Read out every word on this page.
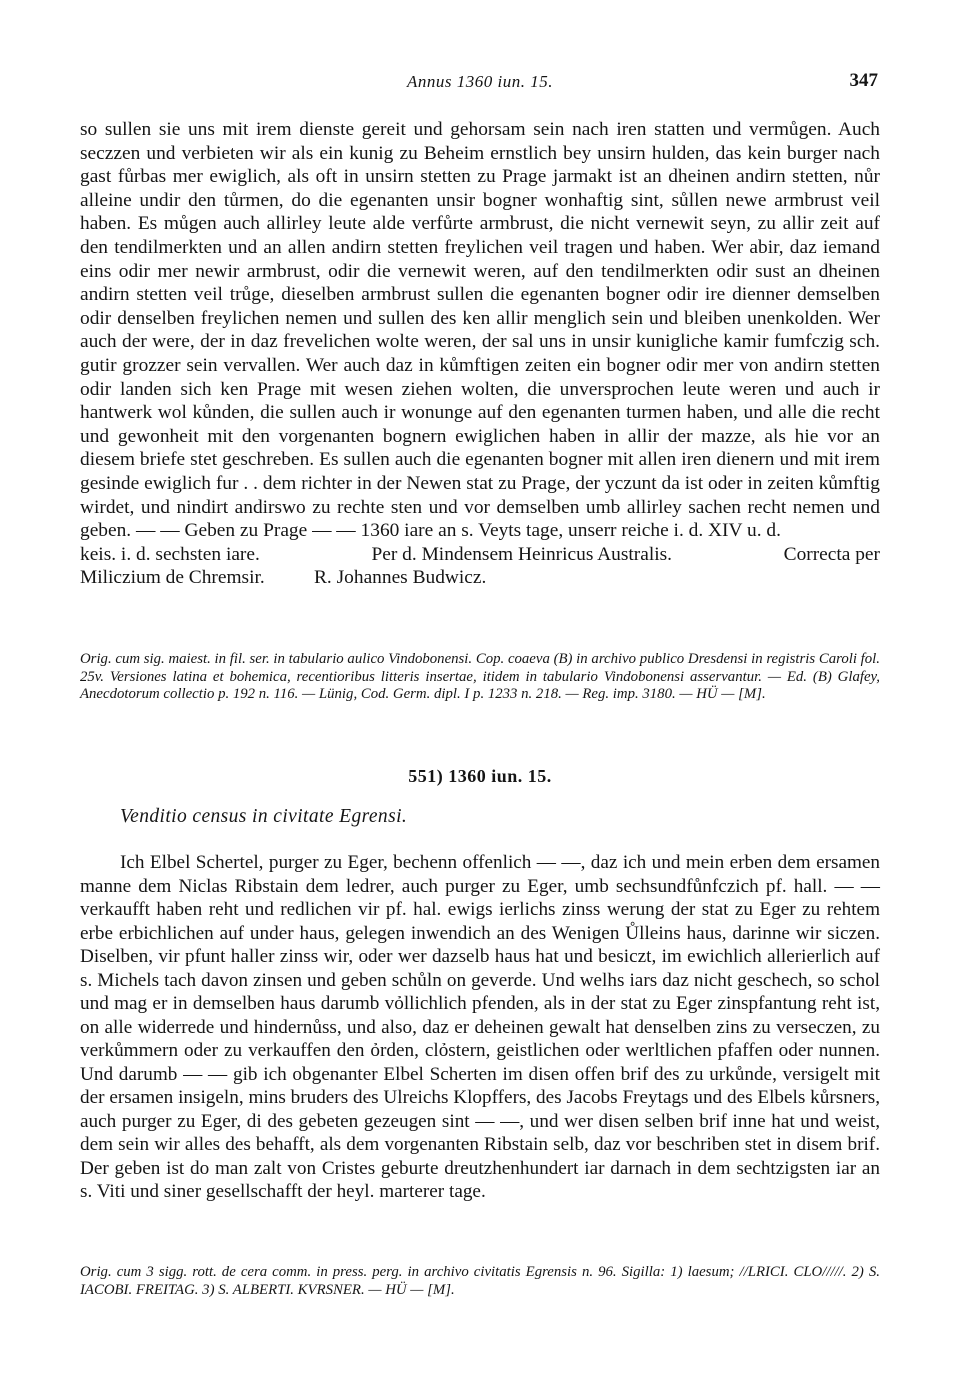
Annus 1360 iun. 15.	347

so sullen sie uns mit irem dienste gereit und gehorsam sein nach iren statten und vermůgen. Auch seczzen und verbieten wir als ein kunig zu Beheim ernstlich bey unsirn hulden, das kein burger nach gast fůrbas mer ewiglich, als oft in unsirn stetten zu Prage jarmakt ist an dheinen andirn stetten, nůr alleine undir den tůrmen, do die egenanten unsir bogner wonhaftig sint, sůllen newe armbrust veil haben. Es můgen auch allirley leute alde verfůrte armbrust, die nicht vernewit seyn, zu allir zeit auf den tendilmerkten und an allen andirn stetten freylichen veil tragen und haben. Wer abir, daz iemand eins odir mer newir armbrust, odir die vernewit weren, auf den tendilmerkten odir sust an dheinen andirn stetten veil trůge, dieselben armbrust sullen die egenanten bogner odir ire dienner demselben odir denselben freylichen nemen und sullen des ken allir menglich sein und bleiben unenkolden. Wer auch der were, der in daz frevelichen wolte weren, der sal uns in unsir kunigliche kamir fumfczig sch. gutir grozzer sein vervallen. Wer auch daz in kůmftigen zeiten ein bogner odir mer von andirn stetten odir landen sich ken Prage mit wesen ziehen wolten, die unversprochen leute weren und auch ir hantwerk wol kůnden, die sullen auch ir wonunge auf den egenanten turmen haben, und alle die recht und gewonheit mit den vorgenanten bognern ewiglichen haben in allir der mazze, als hie vor an diesem briefe stet geschreben. Es sullen auch die egenanten bogner mit allen iren dienern und mit irem gesinde ewiglich fur . . dem richter in der Newen stat zu Prage, der yczunt da ist oder in zeiten kůmftig wirdet, und nindirt andirswo zu rechte sten und vor demselben umb allirley sachen recht nemen und geben. — — Geben zu Prage — — 1360 iare an s. Veyts tage, unserr reiche i. d. XIV u. d.

keis. i. d. sechsten iare.	Per d. Mindensem Heinricus Australis.	Correcta per
Miliczium de Chremsir.	R. Johannes Budwicz.

Orig. cum sig. maiest. in fil. ser. in tabulario aulico Vindobonensi. Cop. coaeva (B) in archivo publico Dresdensi in registris Caroli fol. 25v. Versiones latina et bohemica, recentioribus litteris insertae, itidem in tabulario Vindobonensi asservantur. — Ed. (B) Glafey, Anecdotorum collectio p. 192 n. 116. — Lünig, Cod. Germ. dipl. I p. 1233 n. 218. — Reg. imp. 3180. — HÜ — [M].

551) 1360 iun. 15.
Venditio census in civitate Egrensi.

Ich Elbel Schertel, purger zu Eger, bechenn offenlich — —, daz ich und mein erben dem ersamen manne dem Niclas Ribstain dem ledrer, auch purger zu Eger, umb sechsundfůnfczich pf. hall. — — verkaufft haben reht und redlichen vir pf. hal. ewigs ierlichs zinss werung der stat zu Eger zu rehtem erbe erbichlichen auf under haus, gelegen inwendich an des Wenigen Ůlleins haus, darinne wir siczen. Diselben, vir pfunt haller zinss wir, oder wer dazselb haus hat und besiczt, im ewichlich allerierlich auf s. Michels tach davon zinsen und geben schůln on geverde. Und welhs iars daz nicht geschech, so schol und mag er in demselben haus darumb vỏllichlich pfenden, als in der stat zu Eger zinspfantung reht ist, on alle widerrede und hindernůss, und also, daz er deheinen gewalt hat denselben zins zu verseczen, zu verkůmmern oder zu verkauffen den ỏrden, clỏstern, geistlichen oder werltlichen pfaffen oder nunnen. Und darumb — — gib ich obgenanter Elbel Scherten im disen offen brif des zu urkůnde, versigelt mit der ersamen insigeln, mins bruders des Ulreichs Klopffers, des Jacobs Freytags und des Elbels kůrsners, auch purger zu Eger, di des gebeten gezeugen sint — —, und wer disen selben brif inne hat und weist, dem sein wir alles des behafft, als dem vorgenanten Ribstain selb, daz vor beschriben stet in disem brif. Der geben ist do man zalt von Cristes geburte dreutzhenhundert iar darnach in dem sechtzigsten iar an s. Viti und siner gesellschafft der heyl. marterer tage.

Orig. cum 3 sigg. rott. de cera comm. in press. perg. in archivo civitatis Egrensis n. 96. Sigilla: 1) laesum; //LRICI. CLO/////. 2) S. IACOBI. FREITAG. 3) S. ALBERTI. KVRSNER. — HÜ — [M].
